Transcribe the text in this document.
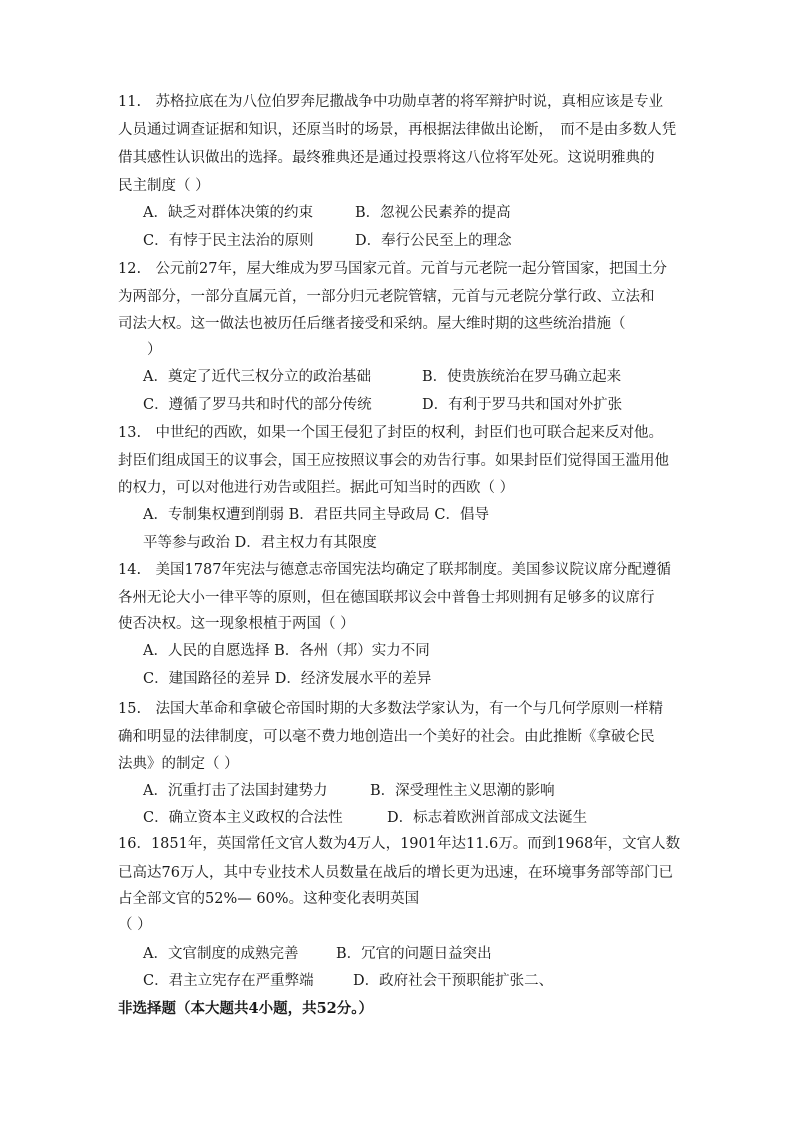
11.　苏格拉底在为八位伯罗奔尼撒战争中功勋卓著的将军辩护时说，真相应该是专业
人员通过调查证据和知识，还原当时的场景，再根据法律做出论断，　而不是由多数人凭
借其感性认识做出的选择。最终雅典还是通过投票将这八位将军处死。这说明雅典的
民主制度（ ）
A．缺乏对群体决策的约束	B．忽视公民素养的提高
C．有悖于民主法治的原则	D．奉行公民至上的理念
12.　公元前27年，屋大维成为罗马国家元首。元首与元老院一起分管国家，把国土分
为两部分，一部分直属元首，一部分归元老院管辖，元首与元老院分掌行政、立法和
司法大权。这一做法也被历任后继者接受和采纳。屋大维时期的这些统治措施（
）
A．奠定了近代三权分立的政治基础	B．使贵族统治在罗马确立起来
C．遵循了罗马共和时代的部分传统	D．有利于罗马共和国对外扩张
13.　中世纪的西欧，如果一个国王侵犯了封臣的权利，封臣们也可联合起来反对他。
封臣们组成国王的议事会，国王应按照议事会的劝告行事。如果封臣们觉得国王滥用他
的权力，可以对他进行劝告或阻拦。据此可知当时的西欧（ ）
A．专制集权遭到削弱 B．君臣共同主导政局 C．倡导
平等参与政治 D．君主权力有其限度
14.　美国1787年宪法与德意志帝国宪法均确定了联邦制度。美国参议院议席分配遵循
各州无论大小一律平等的原则，但在德国联邦议会中普鲁士邦则拥有足够多的议席行
使否决权。这一现象根植于两国（ ）
A．人民的自愿选择 B．各州（邦）实力不同
C．建国路径的差异 D．经济发展水平的差异
15.　法国大革命和拿破仑帝国时期的大多数法学家认为，有一个与几何学原则一样精
确和明显的法律制度，可以毫不费力地创造出一个美好的社会。由此推断《拿破仑民
法典》的制定（ ）
A．沉重打击了法国封建势力	B．深受理性主义思潮的影响
C．确立资本主义政权的合法性	D．标志着欧洲首部成文法诞生
16．1851年，英国常任文官人数为4万人，1901年达11.6万。而到1968年，文官人数
已高达76万人，其中专业技术人员数量在战后的增长更为迅速，在环境事务部等部门已
占全部文官的52%— 60%。这种变化表明英国
（ ）
A．文官制度的成熟完善	B．冗官的问题日益突出
C．君主立宪存在严重弊端	D．政府社会干预职能扩张二、
非选择题（本大题共4小题，共52分。）
